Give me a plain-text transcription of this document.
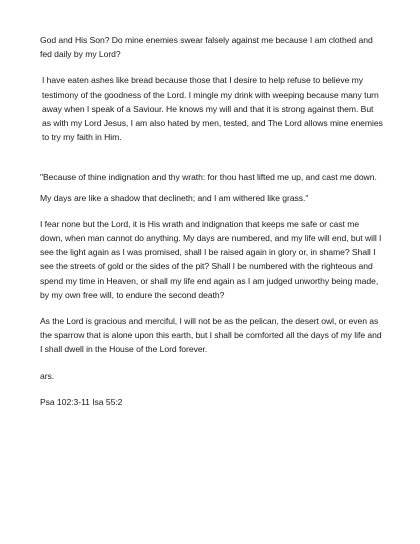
God and His Son? Do mine enemies swear falsely against me because I am clothed and fed daily by my Lord?

I have eaten ashes like bread because those that I desire to help refuse to believe my testimony of the goodness of the Lord. I mingle my drink with weeping because many turn away when I speak of a Saviour. He knows my will and that it is strong against them. But as with my Lord Jesus, I am also hated by men, tested, and The Lord allows mine enemies to try my faith in Him.

"Because of thine indignation and thy wrath: for thou hast lifted me up, and cast me down.

My days are like a shadow that declineth; and I am withered like grass."

I fear none but the Lord, it is His wrath and indignation that keeps me safe or cast me down, when man cannot do anything. My days are numbered, and my life will end, but will I see the light again as I was promised, shall I be raised again in glory or, in shame? Shall I see the streets of gold or the sides of the pit? Shall I be numbered with the righteous and spend my time in Heaven, or shall my life end again as I am judged unworthy being made, by my own free will, to endure the second death?

As the Lord is gracious and merciful, I will not be as the pelican, the desert owl, or even as the sparrow that is alone upon this earth, but I shall be comforted all the days of my life and I shall dwell in the House of the Lord forever.

ars.

Psa 102:3-11 Isa 55:2
